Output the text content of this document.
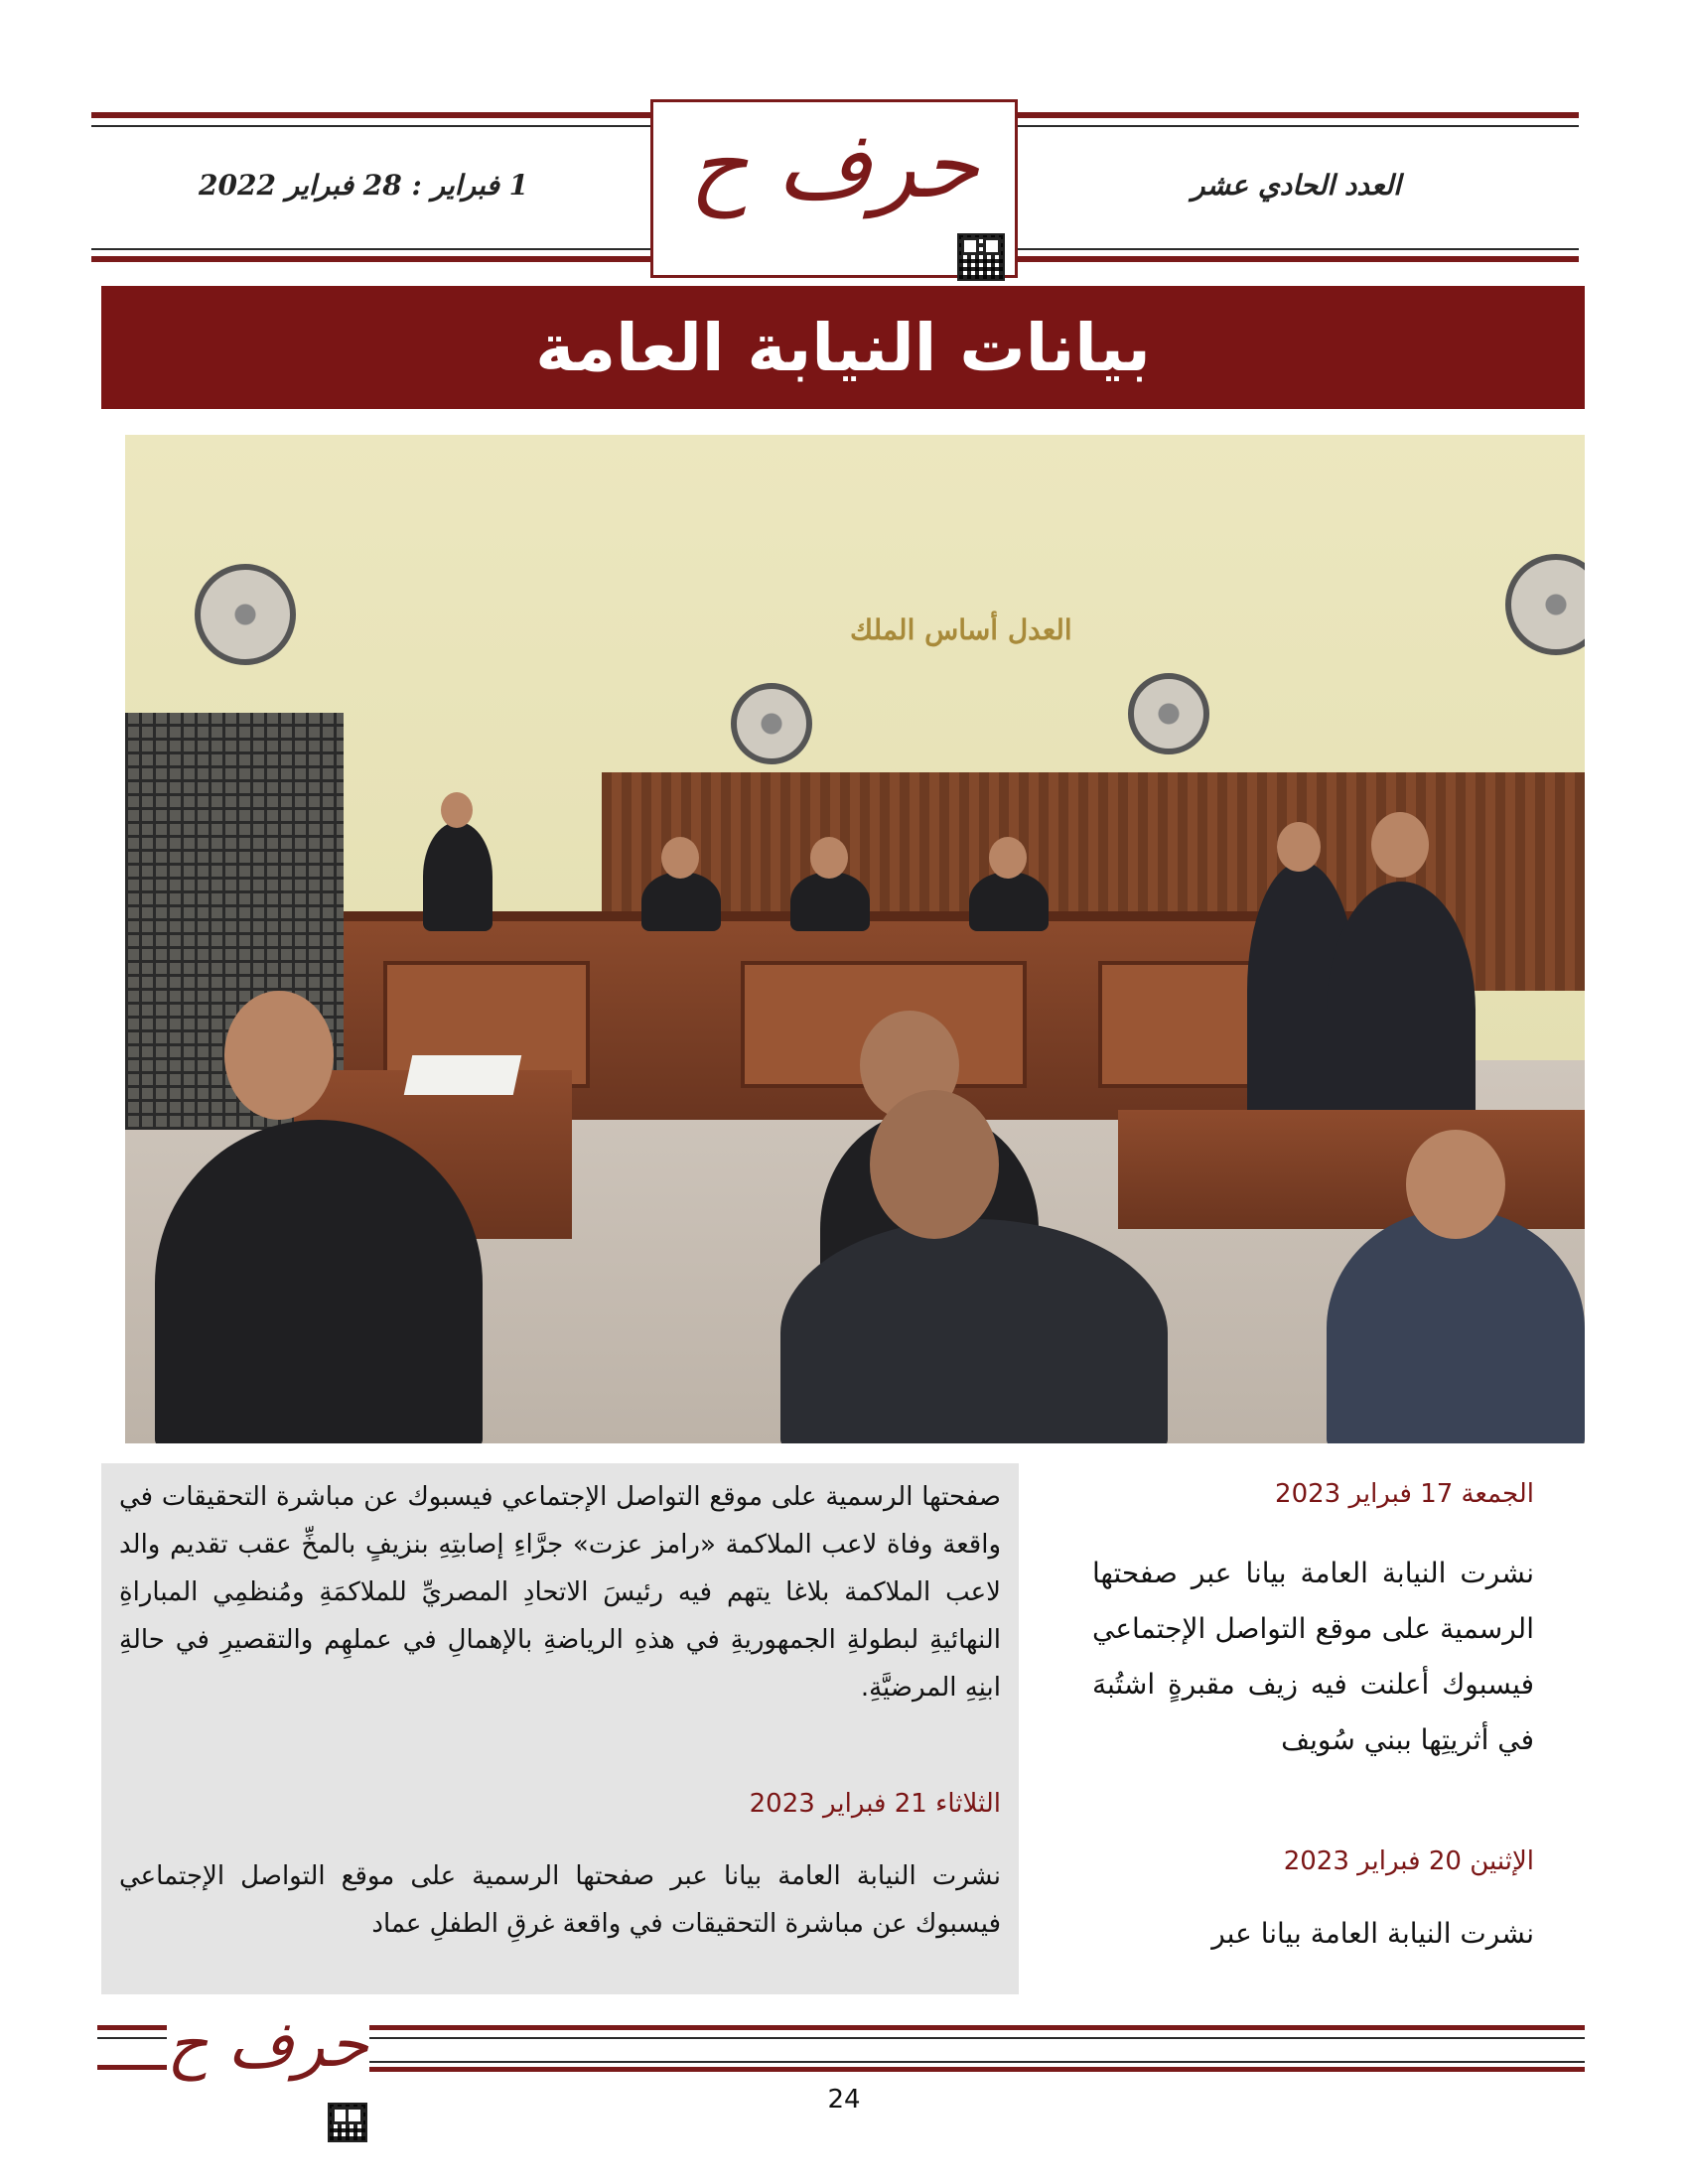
حرف ح	العدد الحادي عشر
1 فبراير : 28 فبراير 2022
بيانات النيابة العامة
العدل أساس الملك
صفحتها الرسمية على موقع التواصل الإجتماعي فيسبوك عن مباشرة التحقيقات في واقعة وفاة لاعب الملاكمة «رامز عزت» جرَّاءِ إصابتِهِ بنزيفٍ بالمخِّ عقب تقديم والد لاعب الملاكمة بلاغا يتهم فيه رئيسَ الاتحادِ المصريِّ للملاكمَةِ ومُنظمِي المباراةِ النهائيةِ لبطولةِ الجمهوريةِ في هذهِ الرياضةِ بالإهمالِ في عملهِم والتقصيرِ في حالةِ ابنِهِ المرضيَّةِ.
الثلاثاء 21 فبراير 2023
نشرت النيابة العامة بيانا عبر صفحتها الرسمية على موقع التواصل الإجتماعي فيسبوك عن مباشرة التحقيقات في واقعة غرقِ الطفلِ عماد
الجمعة 17 فبراير 2023
نشرت النيابة العامة بيانا عبر صفحتها الرسمية على موقع التواصل الإجتماعي فيسبوك أعلنت فيه زيف مقبرةٍ اشتُبهَ في أثريتِها ببني سُويف
الإثنين 20 فبراير 2023
نشرت النيابة العامة بيانا عبر
حرف ح
24
